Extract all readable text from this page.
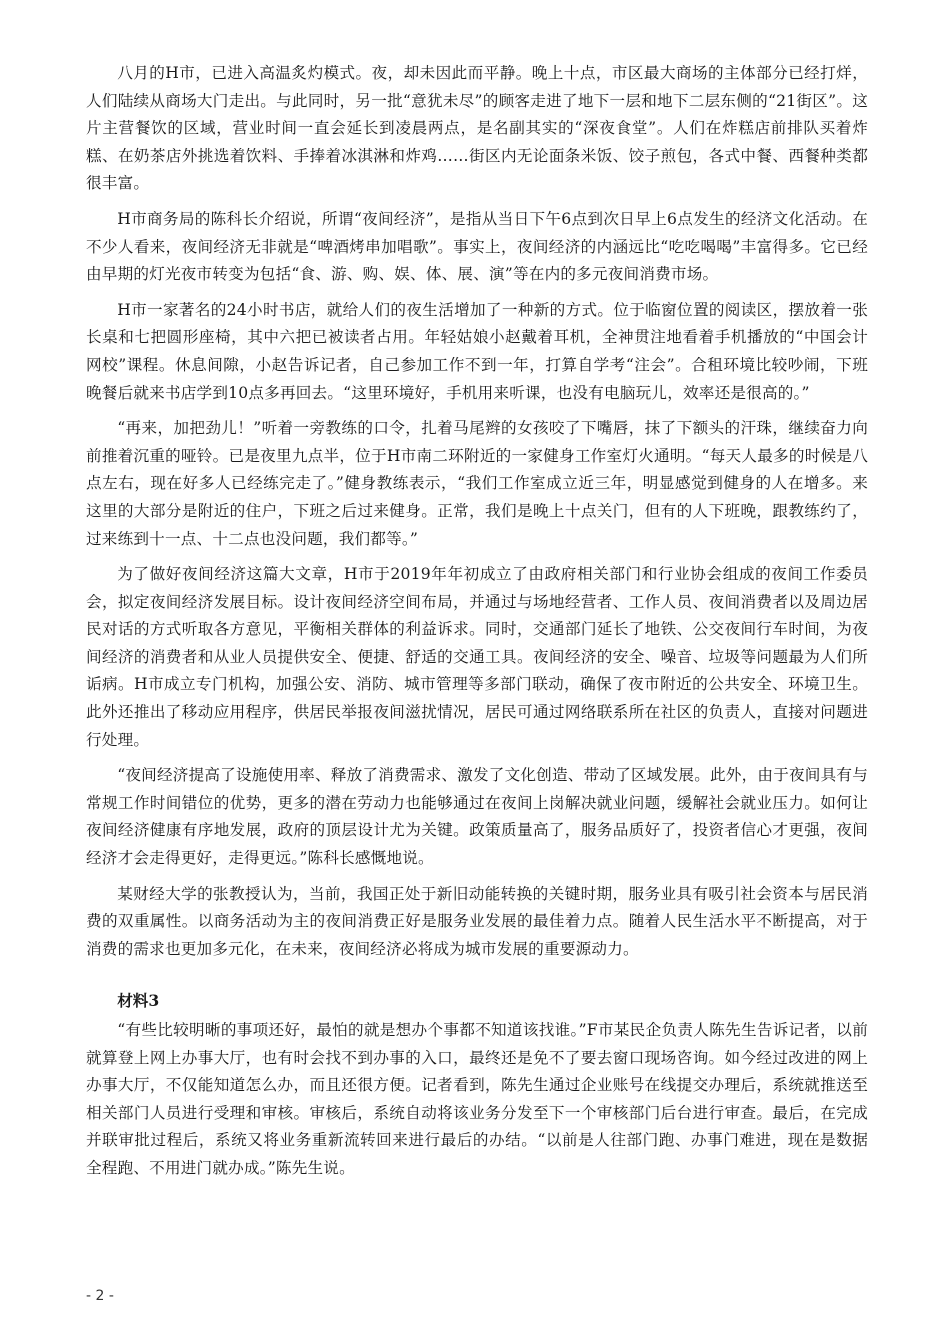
八月的H市，已进入高温炙灼模式。夜，却未因此而平静。晚上十点，市区最大商场的主体部分已经打烊，人们陆续从商场大门走出。与此同时，另一批“意犹未尽”的顾客走进了地下一层和地下二层东侧的“21街区”。这片主营餐饮的区域，营业时间一直会延长到凌晨两点，是名副其实的“深夜食堂”。人们在炸糕店前排队买着炸糕、在奶茶店外挑选着饮料、手捧着冰淇淋和炸鸡……街区内无论面条米饭、饺子煎包，各式中餐、西餐种类都很丰富。

H市商务局的陈科长介绍说，所谓“夜间经济”，是指从当日下午6点到次日早上6点发生的经济文化活动。在不少人看来，夜间经济无非就是“啤酒烤串加唱歌”。事实上，夜间经济的内涵远比“吃吃喝喝”丰富得多。它已经由早期的灯光夜市转变为包括“食、游、购、娱、体、展、演”等在内的多元夜间消费市场。

H市一家著名的24小时书店，就给人们的夜生活增加了一种新的方式。位于临窗位置的阅读区，摆放着一张长桌和七把圆形座椅，其中六把已被读者占用。年轻姑娘小赵戴着耳机，全神贯注地看着手机播放的“中国会计网校”课程。休息间隙，小赵告诉记者，自己参加工作不到一年，打算自学考“注会”。合租环境比较吵闹，下班晚餐后就来书店学到10点多再回去。“这里环境好，手机用来听课，也没有电脑玩儿，效率还是很高的。”

“再来，加把劲儿！”听着一旁教练的口令，扎着马尾辫的女孩咬了下嘴唇，抹了下额头的汗珠，继续奋力向前推着沉重的哑铃。已是夜里九点半，位于H市南二环附近的一家健身工作室灯火通明。“每天人最多的时候是八点左右，现在好多人已经练完走了。”健身教练表示，“我们工作室成立近三年，明显感觉到健身的人在增多。来这里的大部分是附近的住户，下班之后过来健身。正常，我们是晚上十点关门，但有的人下班晚，跟教练约了，过来练到十一点、十二点也没问题，我们都等。”

为了做好夜间经济这篇大文章，H市于2019年年初成立了由政府相关部门和行业协会组成的夜间工作委员会，拟定夜间经济发展目标。设计夜间经济空间布局，并通过与场地经营者、工作人员、夜间消费者以及周边居民对话的方式听取各方意见，平衡相关群体的利益诉求。同时，交通部门延长了地铁、公交夜间行车时间，为夜间经济的消费者和从业人员提供安全、便捷、舒适的交通工具。夜间经济的安全、噪音、垃圾等问题最为人们所诟病。H市成立专门机构，加强公安、消防、城市管理等多部门联动，确保了夜市附近的公共安全、环境卫生。此外还推出了移动应用程序，供居民举报夜间滋扰情况，居民可通过网络联系所在社区的负责人，直接对问题进行处理。

“夜间经济提高了设施使用率、释放了消费需求、激发了文化创造、带动了区域发展。此外，由于夜间具有与常规工作时间错位的优势，更多的潜在劳动力也能够通过在夜间上岗解决就业问题，缓解社会就业压力。如何让夜间经济健康有序地发展，政府的顶层设计尤为关键。政策质量高了，服务品质好了，投资者信心才更强，夜间经济才会走得更好，走得更远。”陈科长感慨地说。

某财经大学的张教授认为，当前，我国正处于新旧动能转换的关键时期，服务业具有吸引社会资本与居民消费的双重属性。以商务活动为主的夜间消费正好是服务业发展的最佳着力点。随着人民生活水平不断提高，对于消费的需求也更加多元化，在未来，夜间经济必将成为城市发展的重要源动力。

材料3

“有些比较明晰的事项还好，最怕的就是想办个事都不知道该找谁。”F市某民企负责人陈先生告诉记者，以前就算登上网上办事大厅，也有时会找不到办事的入口，最终还是免不了要去窗口现场咨询。如今经过改进的网上办事大厅，不仅能知道怎么办，而且还很方便。记者看到，陈先生通过企业账号在线提交办理后，系统就推送至相关部门人员进行受理和审核。审核后，系统自动将该业务分发至下一个审核部门后台进行审查。最后，在完成并联审批过程后，系统又将业务重新流转回来进行最后的办结。“以前是人往部门跑、办事门难进，现在是数据全程跑、不用进门就办成。”陈先生说。

- 2 -
